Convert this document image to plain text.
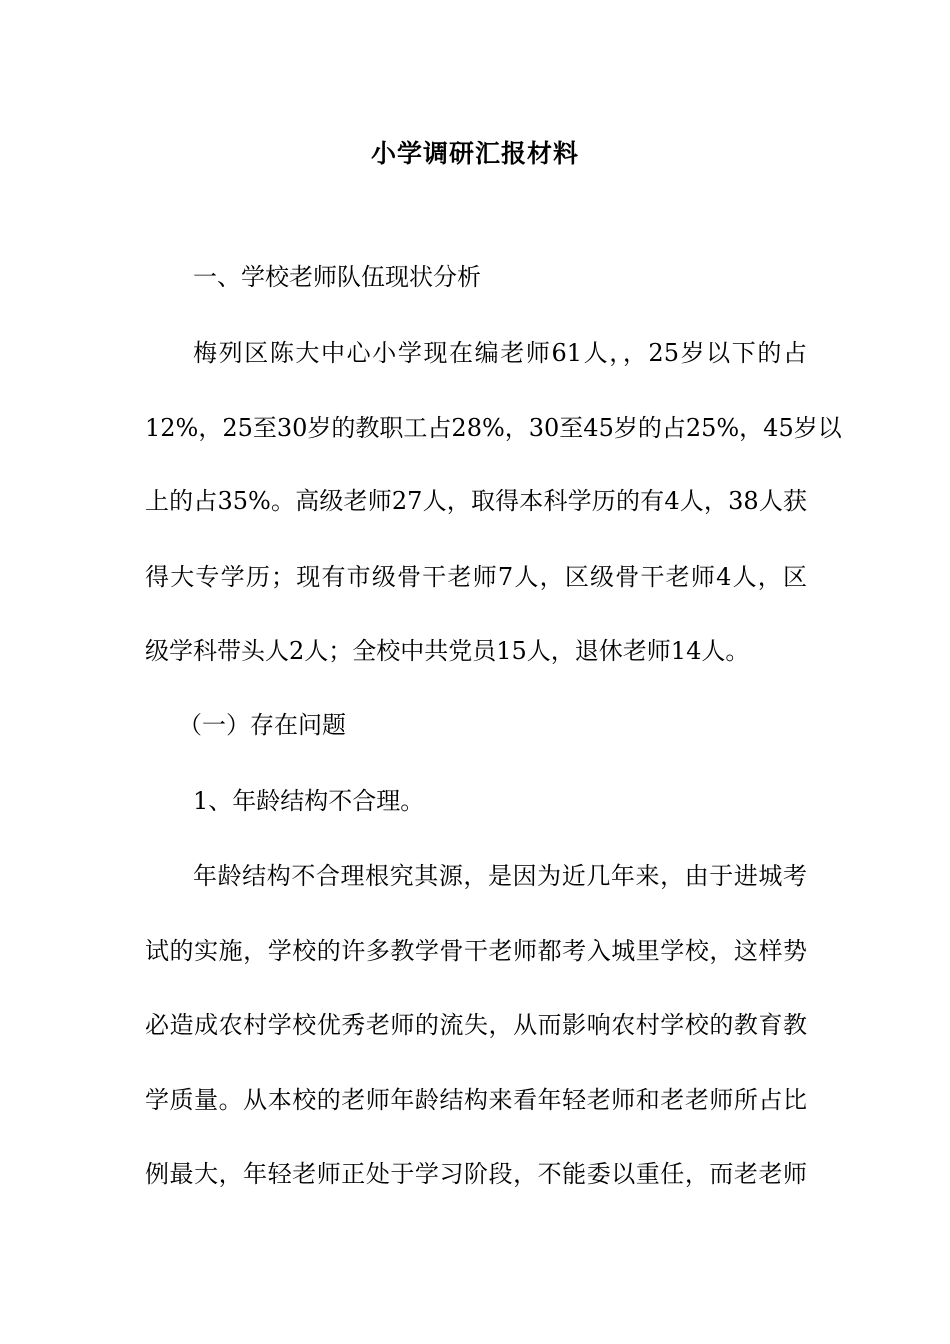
小学调研汇报材料
一、学校老师队伍现状分析
梅列区陈大中心小学现在编老师61人，，25岁以下的占
12%，25至30岁的教职工占28%，30至45岁的占25%，45岁以
上的占35%。高级老师27人，取得本科学历的有4人，38人获
得大专学历；现有市级骨干老师7人，区级骨干老师4人，区
级学科带头人2人；全校中共党员15人，退休老师14人。
（一）存在问题
1、年龄结构不合理。
年龄结构不合理根究其源，是因为近几年来，由于进城考
试的实施，学校的许多教学骨干老师都考入城里学校，这样势
必造成农村学校优秀老师的流失，从而影响农村学校的教育教
学质量。从本校的老师年龄结构来看年轻老师和老老师所占比
例最大，年轻老师正处于学习阶段，不能委以重任，而老老师
